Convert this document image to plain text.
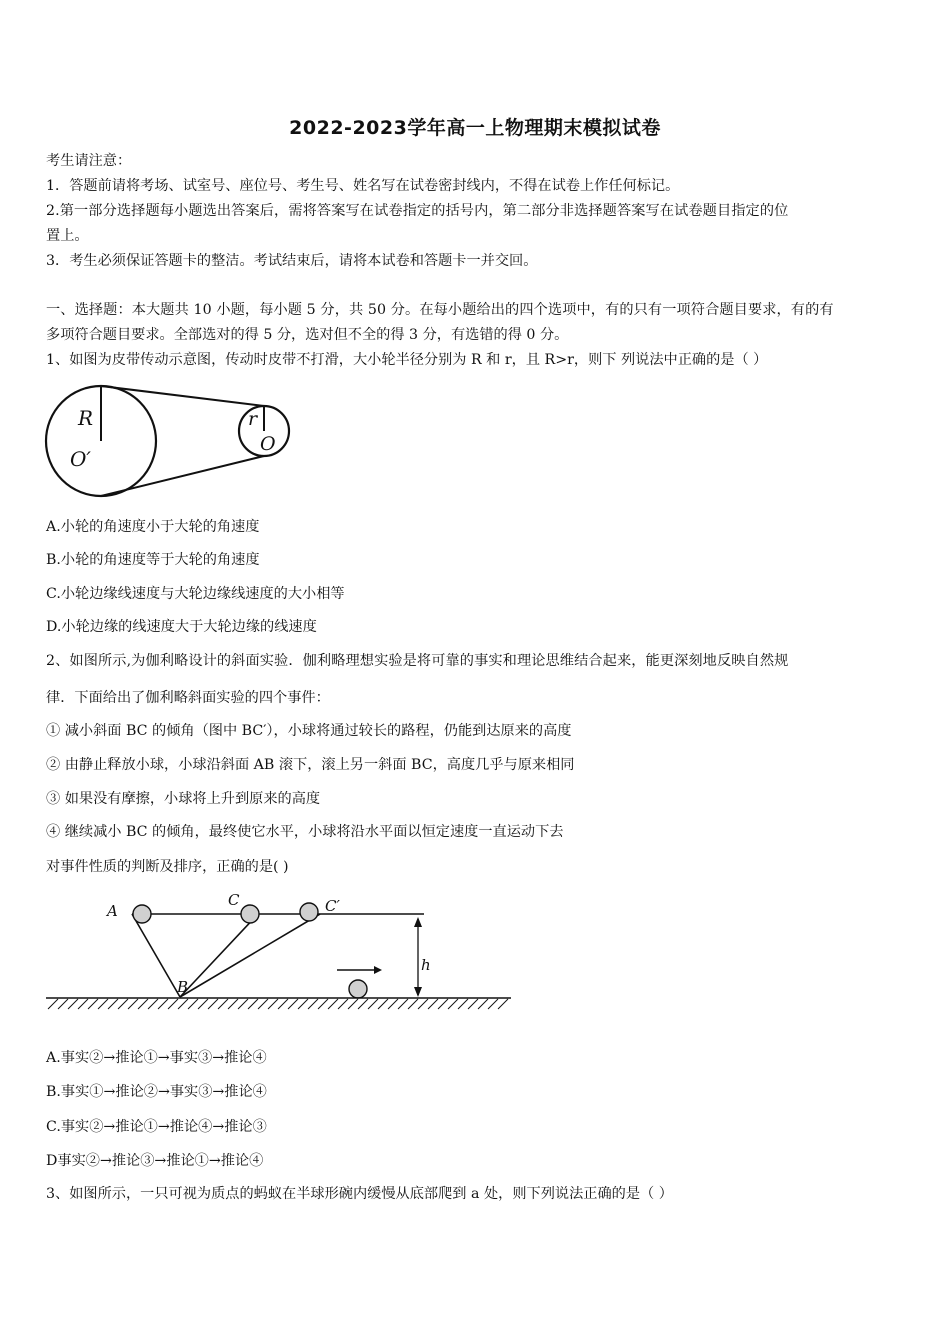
2022-2023学年高一上物理期末模拟试卷
考生请注意：
1．答题前请将考场、试室号、座位号、考生号、姓名写在试卷密封线内，不得在试卷上作任何标记。
2.第一部分选择题每小题选出答案后，需将答案写在试卷指定的括号内，第二部分非选择题答案写在试卷题目指定的位
置上。
3．考生必须保证答题卡的整洁。考试结束后，请将本试卷和答题卡一并交回。
一、选择题：本大题共 10 小题，每小题 5 分，共 50 分。在每小题给出的四个选项中，有的只有一项符合题目要求，有的有
多项符合题目要求。全部选对的得 5 分，选对但不全的得 3 分，有选错的得 0 分。
1、如图为皮带传动示意图，传动时皮带不打滑，大小轮半径分别为 R 和 r，且 R>r，则下 列说法中正确的是（ ）
R
O′
r
O
A.小轮的角速度小于大轮的角速度
B.小轮的角速度等于大轮的角速度
C.小轮边缘线速度与大轮边缘线速度的大小相等
D.小轮边缘的线速度大于大轮边缘的线速度
2、如图所示,为伽利略设计的斜面实验．伽利略理想实验是将可靠的事实和理论思维结合起来，能更深刻地反映自然规
律．下面给出了伽利略斜面实验的四个事件：
① 减小斜面 BC 的倾角（图中 BC′），小球将通过较长的路程，仍能到达原来的高度
② 由静止释放小球，小球沿斜面 AB 滚下，滚上另一斜面 BC，高度几乎与原来相同
③ 如果没有摩擦，小球将上升到原来的高度
④ 继续减小 BC 的倾角，最终使它水平，小球将沿水平面以恒定速度一直运动下去
对事件性质的判断及排序，正确的是( )
A
B
C	C′
h
A.事实②→推论①→事实③→推论④
B.事实①→推论②→事实③→推论④
C.事实②→推论①→推论④→推论③
D事实②→推论③→推论①→推论④
3、如图所示，一只可视为质点的蚂蚁在半球形碗内缓慢从底部爬到 a 处，则下列说法正确的是（ ）
